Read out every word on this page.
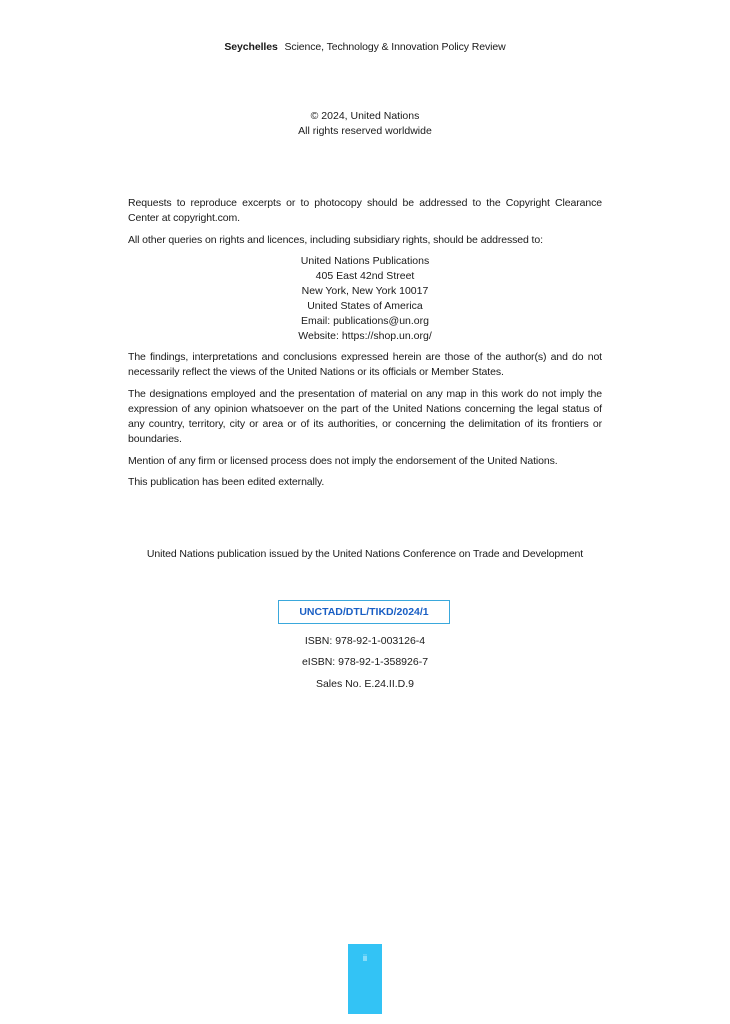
Seychelles Science, Technology & Innovation Policy Review
© 2024, United Nations
All rights reserved worldwide

Requests to reproduce excerpts or to photocopy should be addressed to the Copyright Clearance Center at copyright.com.

All other queries on rights and licences, including subsidiary rights, should be addressed to:

United Nations Publications
405 East 42nd Street
New York, New York 10017
United States of America
Email: publications@un.org
Website: https://shop.un.org/

The findings, interpretations and conclusions expressed herein are those of the author(s) and do not necessarily reflect the views of the United Nations or its officials or Member States.

The designations employed and the presentation of material on any map in this work do not imply the expression of any opinion whatsoever on the part of the United Nations concerning the legal status of any country, territory, city or area or of its authorities, or concerning the delimitation of its frontiers or boundaries.

Mention of any firm or licensed process does not imply the endorsement of the United Nations.

This publication has been edited externally.

United Nations publication issued by the United Nations Conference on Trade and Development
UNCTAD/DTL/TIKD/2024/1
ISBN: 978-92-1-003126-4
eISBN: 978-92-1-358926-7
Sales No. E.24.II.D.9
ii
